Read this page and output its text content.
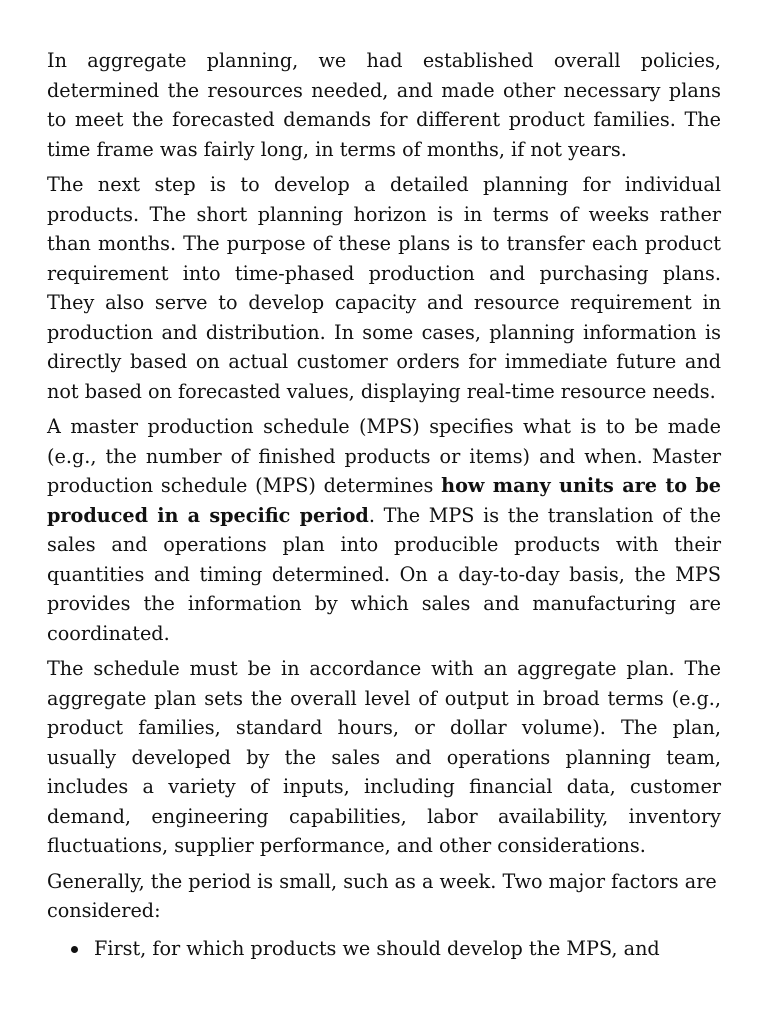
In aggregate planning, we had established overall policies, determined the resources needed, and made other necessary plans to meet the forecasted demands for different product families. The time frame was fairly long, in terms of months, if not years.

The next step is to develop a detailed planning for individual products. The short planning horizon is in terms of weeks rather than months. The purpose of these plans is to transfer each product requirement into time-phased production and purchasing plans. They also serve to develop capacity and resource requirement in production and distribution. In some cases, planning information is directly based on actual customer orders for immediate future and not based on forecasted values, displaying real-time resource needs.

A master production schedule (MPS) specifies what is to be made (e.g., the number of finished products or items) and when. Master production schedule (MPS) determines how many units are to be produced in a specific period. The MPS is the translation of the sales and operations plan into producible products with their quantities and timing determined. On a day-to-day basis, the MPS provides the information by which sales and manufacturing are coordinated.

The schedule must be in accordance with an aggregate plan. The aggregate plan sets the overall level of output in broad terms (e.g., product families, standard hours, or dollar volume). The plan, usually developed by the sales and operations planning team, includes a variety of inputs, including financial data, customer demand, engineering capabilities, labor availability, inventory fluctuations, supplier performance, and other considerations.

Generally, the period is small, such as a week. Two major factors are considered:

First, for which products we should develop the MPS, and
